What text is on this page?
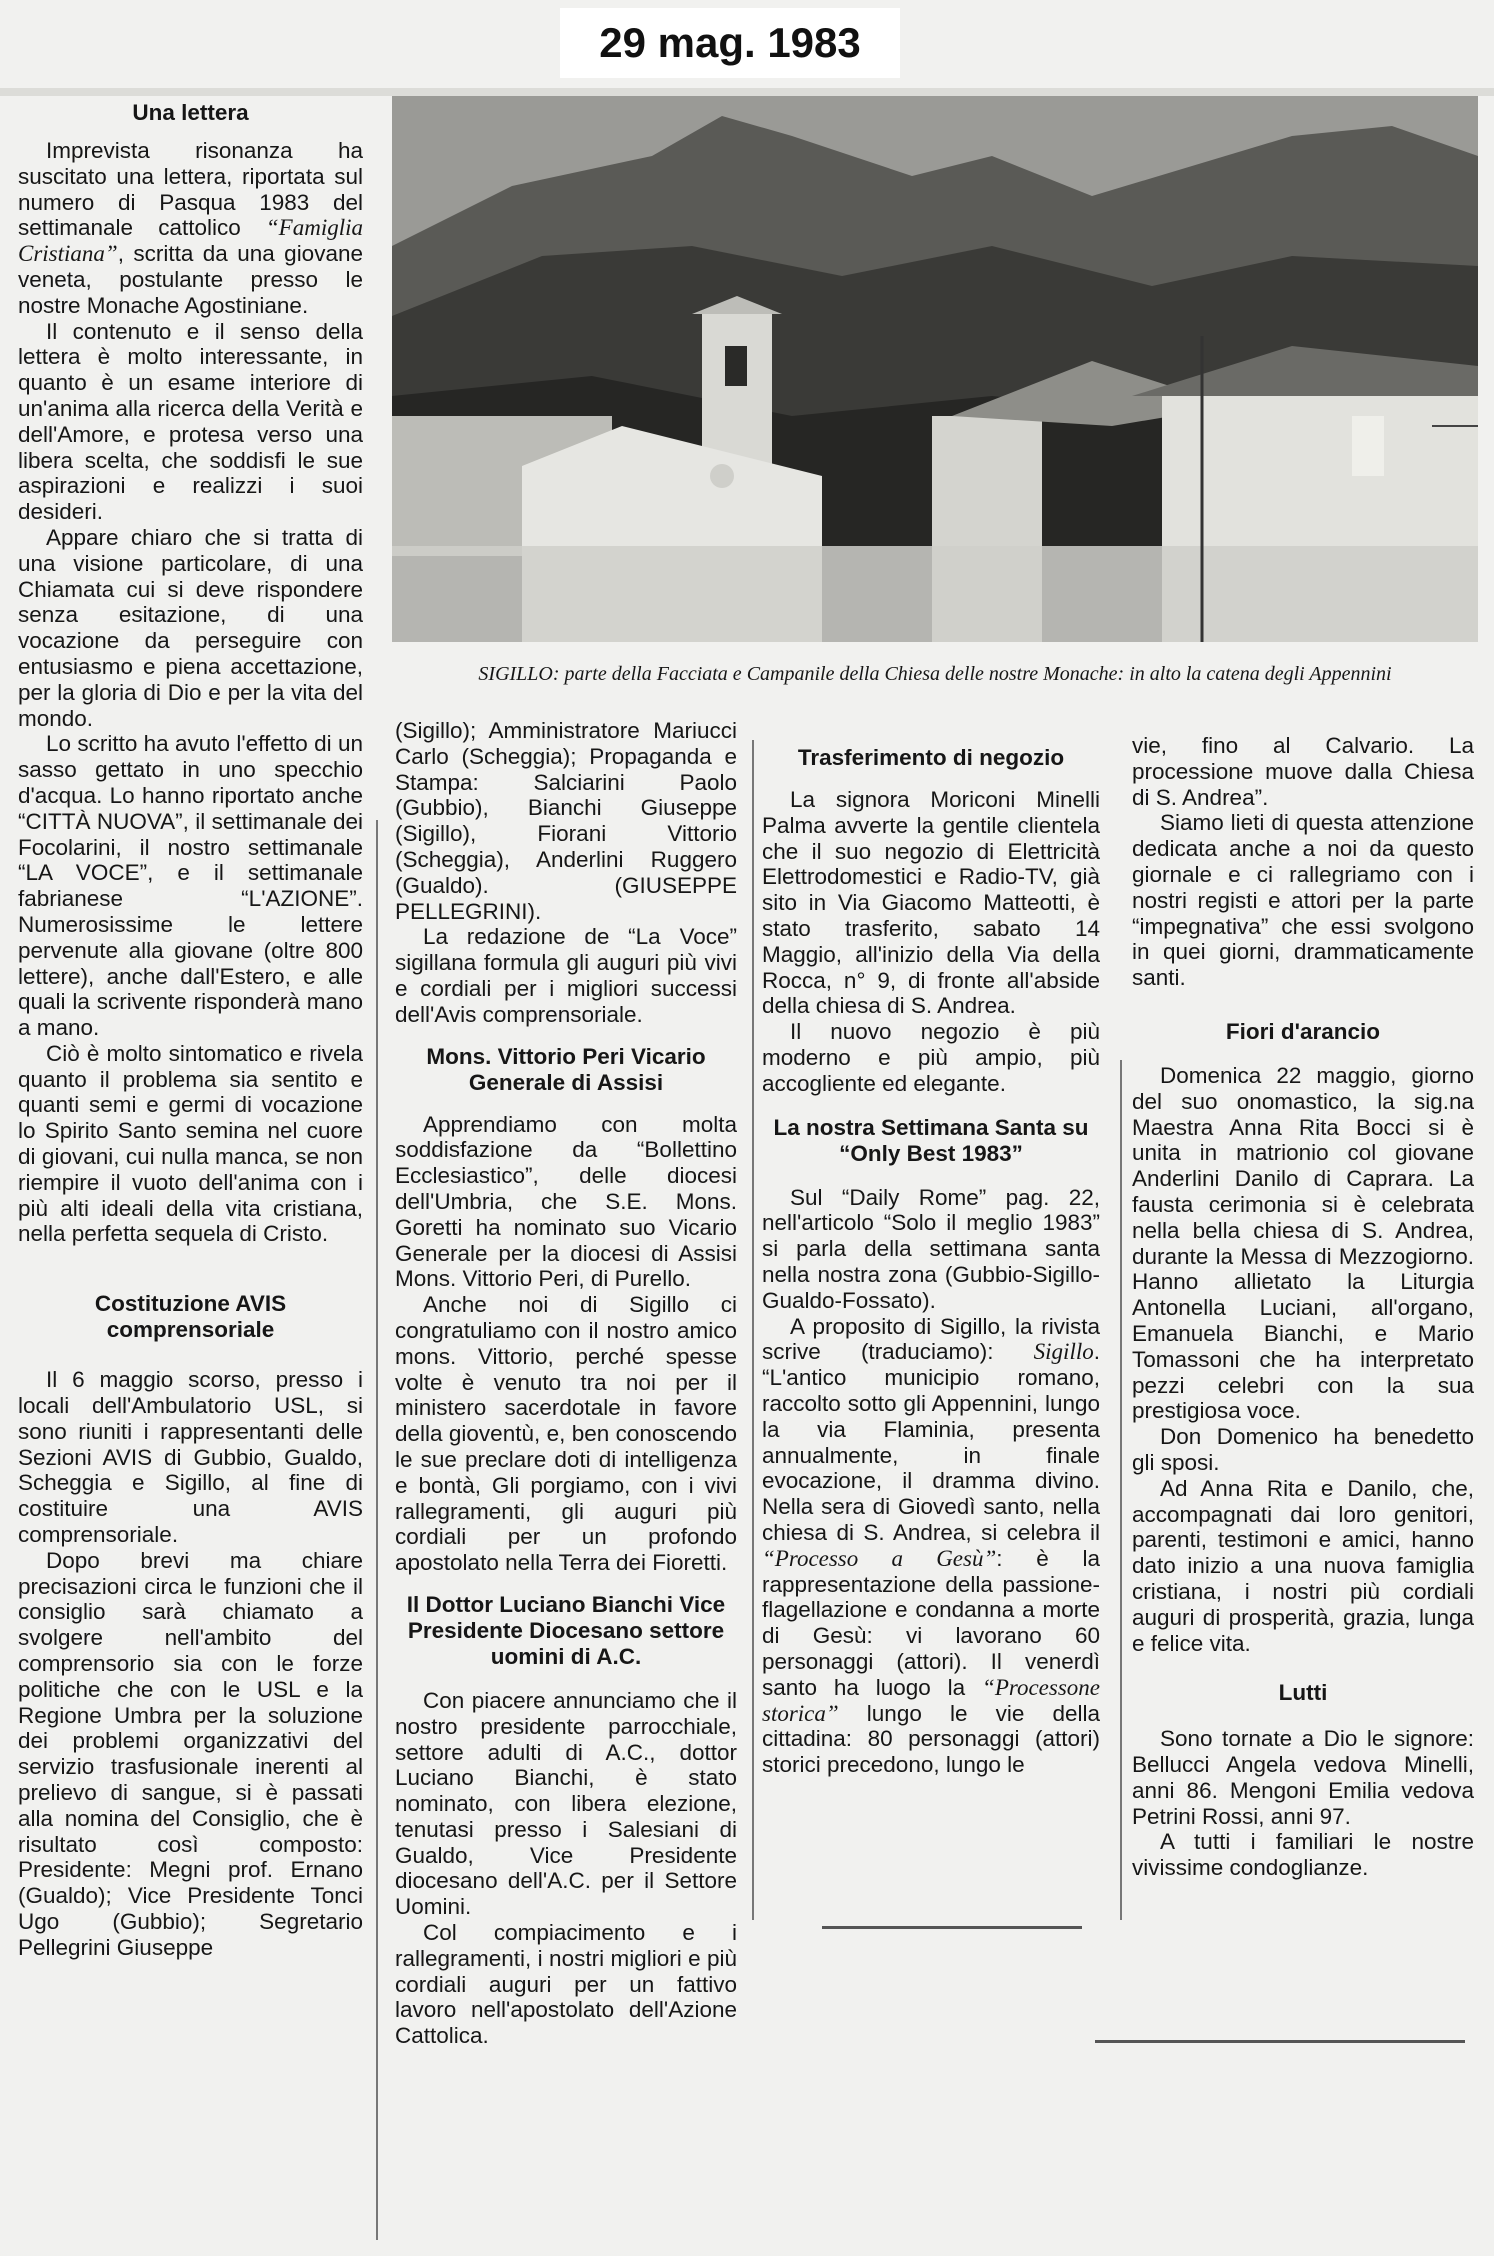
29 mag. 1983
Una lettera

Imprevista risonanza ha suscitato una lettera, riportata sul numero di Pasqua 1983 del settimanale cattolico “Famiglia Cristiana”, scritta da una giovane veneta, postulante presso le nostre Monache Agostiniane.

Il contenuto e il senso della lettera è molto interessante, in quanto è un esame interiore di un'anima alla ricerca della Verità e dell'Amore, e protesa verso una libera scelta, che soddisfi le sue aspirazioni e realizzi i suoi desideri.

Appare chiaro che si tratta di una visione particolare, di una Chiamata cui si deve rispondere senza esitazione, di una vocazione da perseguire con entusiasmo e piena accettazione, per la gloria di Dio e per la vita del mondo.

Lo scritto ha avuto l'effetto di un sasso gettato in uno specchio d'acqua. Lo hanno riportato anche “CITTÀ NUOVA”, il settimanale dei Focolarini, il nostro settimanale “LA VOCE”, e il settimanale fabrianese “L'AZIONE”. Numerosissime le lettere pervenute alla giovane (oltre 800 lettere), anche dall'Estero, e alle quali la scrivente risponderà mano a mano.

Ciò è molto sintomatico e rivela quanto il problema sia sentito e quanti semi e germi di vocazione lo Spirito Santo semina nel cuore di giovani, cui nulla manca, se non riempire il vuoto dell'anima con i più alti ideali della vita cristiana, nella perfetta sequela di Cristo.

Costituzione AVIS comprensoriale

Il 6 maggio scorso, presso i locali dell'Ambulatorio USL, si sono riuniti i rappresentanti delle Sezioni AVIS di Gubbio, Gualdo, Scheggia e Sigillo, al fine di costituire una AVIS comprensoriale.

Dopo brevi ma chiare precisazioni circa le funzioni che il consiglio sarà chiamato a svolgere nell'ambito del comprensorio sia con le forze politiche che con le USL e la Regione Umbra per la soluzione dei problemi organizzativi del servizio trasfusionale inerenti al prelievo di sangue, si è passati alla nomina del Consiglio, che è risultato così composto: Presidente: Megni prof. Ernano (Gualdo); Vice Presidente Tonci Ugo (Gubbio); Segretario Pellegrini Giuseppe

SIGILLO: parte della Facciata e Campanile della Chiesa delle nostre Monache: in alto la catena degli Appennini

(Sigillo); Amministratore Mariucci Carlo (Scheggia); Propaganda e Stampa: Salciarini Paolo (Gubbio), Bianchi Giuseppe (Sigillo), Fiorani Vittorio (Scheggia), Anderlini Ruggero (Gualdo). (GIUSEPPE PELLEGRINI).

La redazione de “La Voce” sigillana formula gli auguri più vivi e cordiali per i migliori successi dell'Avis comprensoriale.

Mons. Vittorio Peri Vicario Generale di Assisi

Apprendiamo con molta soddisfazione da “Bollettino Ecclesiastico”, delle diocesi dell'Umbria, che S.E. Mons. Goretti ha nominato suo Vicario Generale per la diocesi di Assisi Mons. Vittorio Peri, di Purello.

Anche noi di Sigillo ci congratuliamo con il nostro amico mons. Vittorio, perché spesse volte è venuto tra noi per il ministero sacerdotale in favore della gioventù, e, ben conoscendo le sue preclare doti di intelligenza e bontà, Gli porgiamo, con i vivi rallegramenti, gli auguri più cordiali per un profondo apostolato nella Terra dei Fioretti.

Il Dottor Luciano Bianchi Vice Presidente Diocesano settore uomini di A.C.

Con piacere annunciamo che il nostro presidente parrocchiale, settore adulti di A.C., dottor Luciano Bianchi, è stato nominato, con libera elezione, tenutasi presso i Salesiani di Gualdo, Vice Presidente diocesano dell'A.C. per il Settore Uomini.

Col compiacimento e i rallegramenti, i nostri migliori e più cordiali auguri per un fattivo lavoro nell'apostolato dell'Azione Cattolica.

Trasferimento di negozio

La signora Moriconi Minelli Palma avverte la gentile clientela che il suo negozio di Elettricità Elettrodomestici e Radio-TV, già sito in Via Giacomo Matteotti, è stato trasferito, sabato 14 Maggio, all'inizio della Via della Rocca, n° 9, di fronte all'abside della chiesa di S. Andrea.

Il nuovo negozio è più moderno e più ampio, più accogliente ed elegante.

La nostra Settimana Santa su “Only Best 1983”

Sul “Daily Rome” pag. 22, nell'articolo “Solo il meglio 1983” si parla della settimana santa nella nostra zona (Gubbio-Sigillo-Gualdo-Fossato).

A proposito di Sigillo, la rivista scrive (traduciamo): Sigillo. “L'antico municipio romano, raccolto sotto gli Appennini, lungo la via Flaminia, presenta annualmente, in finale evocazione, il dramma divino. Nella sera di Giovedì santo, nella chiesa di S. Andrea, si celebra il “Processo a Gesù”: è la rappresentazione della passione-flagellazione e condanna a morte di Gesù: vi lavorano 60 personaggi (attori). Il venerdì santo ha luogo la “Processone storica” lungo le vie della cittadina: 80 personaggi (attori) storici precedono, lungo le

vie, fino al Calvario. La processione muove dalla Chiesa di S. Andrea”.

Siamo lieti di questa attenzione dedicata anche a noi da questo giornale e ci rallegriamo con i nostri registi e attori per la parte “impegnativa” che essi svolgono in quei giorni, drammaticamente santi.

Fiori d'arancio

Domenica 22 maggio, giorno del suo onomastico, la sig.na Maestra Anna Rita Bocci si è unita in matrionio col giovane Anderlini Danilo di Caprara. La fausta cerimonia si è celebrata nella bella chiesa di S. Andrea, durante la Messa di Mezzogiorno. Hanno allietato la Liturgia Antonella Luciani, all'organo, Emanuela Bianchi, e Mario Tomassoni che ha interpretato pezzi celebri con la sua prestigiosa voce.

Don Domenico ha benedetto gli sposi.

Ad Anna Rita e Danilo, che, accompagnati dai loro genitori, parenti, testimoni e amici, hanno dato inizio a una nuova famiglia cristiana, i nostri più cordiali auguri di prosperità, grazia, lunga e felice vita.

Lutti

Sono tornate a Dio le signore: Bellucci Angela vedova Minelli, anni 86. Mengoni Emilia vedova Petrini Rossi, anni 97.

A tutti i familiari le nostre vivissime condoglianze.
